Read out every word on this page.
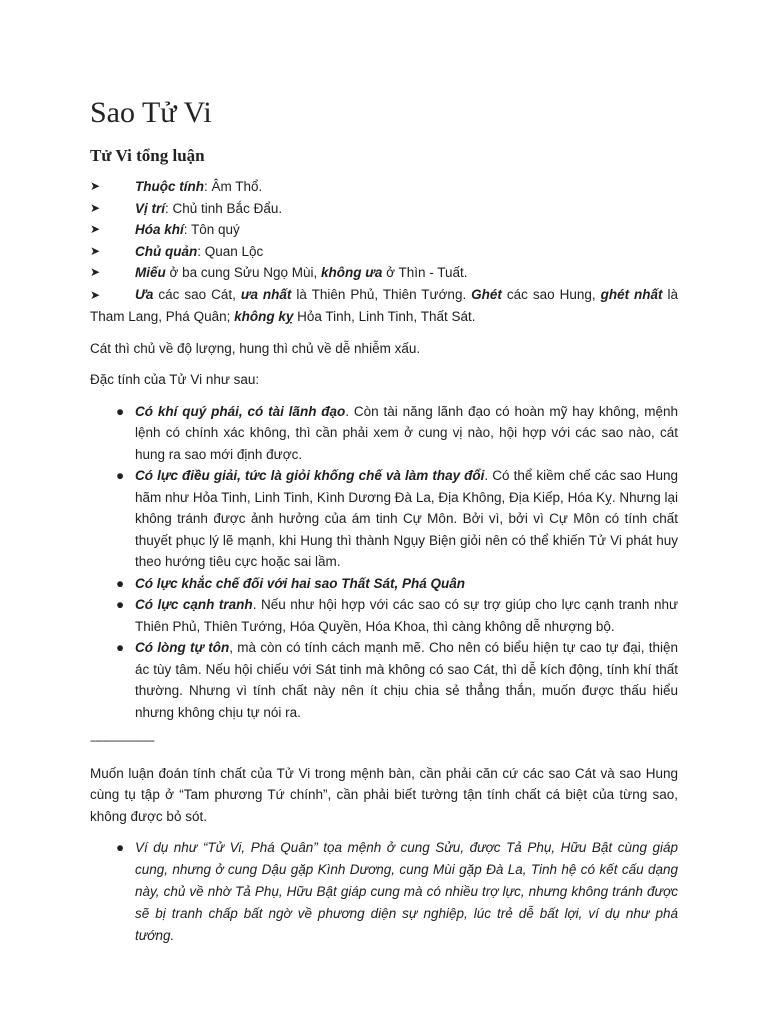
Sao Tử Vi
Tử Vi tổng luận
➤	Thuộc tính: Âm Thổ.
➤	Vị trí: Chủ tinh Bắc Đẩu.
➤	Hóa khí: Tôn quý
➤	Chủ quản: Quan Lộc
➤	Miếu ở ba cung Sửu Ngọ Mùi, không ưa ở Thìn - Tuất.

➤	Ưa các sao Cát, ưa nhất là Thiên Phủ, Thiên Tướng. Ghét các sao Hung, ghét nhất là Tham Lang, Phá Quân; không kỵ Hỏa Tinh, Linh Tinh, Thất Sát.

Cát thì chủ về độ lượng, hung thì chủ về dễ nhiễm xấu.

Đặc tính của Tử Vi như sau:

● Có khí quý phái, có tài lãnh đạo. Còn tài năng lãnh đạo có hoàn mỹ hay không, mệnh lệnh có chính xác không, thì cần phải xem ở cung vị nào, hội hợp với các sao nào, cát hung ra sao mới định được.
● Có lực điều giải, tức là giỏi khống chế và làm thay đổi. Có thể kiềm chế các sao Hung hãm như Hỏa Tinh, Linh Tinh, Kình Dương Đà La, Địa Không, Địa Kiếp, Hóa Kỵ. Nhưng lại không tránh được ảnh hưởng của ám tinh Cự Môn. Bởi vì, bởi vì Cự Môn có tính chất thuyết phục lý lẽ mạnh, khi Hung thì thành Ngụy Biện giỏi nên có thể khiến Tử Vi phát huy theo hướng tiêu cực hoặc sai lầm.
● Có lực khắc chế đối với hai sao Thất Sát, Phá Quân
● Có lực cạnh tranh. Nếu như hội hợp với các sao có sự trợ giúp cho lực cạnh tranh như Thiên Phủ, Thiên Tướng, Hóa Quyền, Hóa Khoa, thì càng không dễ nhượng bộ.
● Có lòng tự tôn, mà còn có tính cách mạnh mẽ. Cho nên có biểu hiện tự cao tự đại, thiện ác tùy tâm. Nếu hội chiếu với Sát tinh mà không có sao Cát, thì dễ kích động, tính khí thất thường. Nhưng vì tính chất này nên ít chịu chia sẻ thẳng thắn, muốn được thấu hiểu nhưng không chịu tự nói ra.
------------------------

Muốn luận đoán tính chất của Tử Vi trong mệnh bàn, cần phải căn cứ các sao Cát và sao Hung cùng tụ tập ở “Tam phương Tứ chính”, cần phải biết tường tận tính chất cá biệt của từng sao, không được bỏ sót.

● Ví dụ như “Tử Vi, Phá Quân” tọa mệnh ở cung Sửu, được Tả Phụ, Hữu Bật cùng giáp cung, nhưng ở cung Dậu gặp Kình Dương, cung Mùi gặp Đà La, Tinh hệ có kết cấu dạng này, chủ về nhờ Tả Phụ, Hữu Bật giáp cung mà có nhiều trợ lực, nhưng không tránh được sẽ bị tranh chấp bất ngờ về phương diện sự nghiệp, lúc trẻ dễ bất lợi, ví dụ như phá tướng.
